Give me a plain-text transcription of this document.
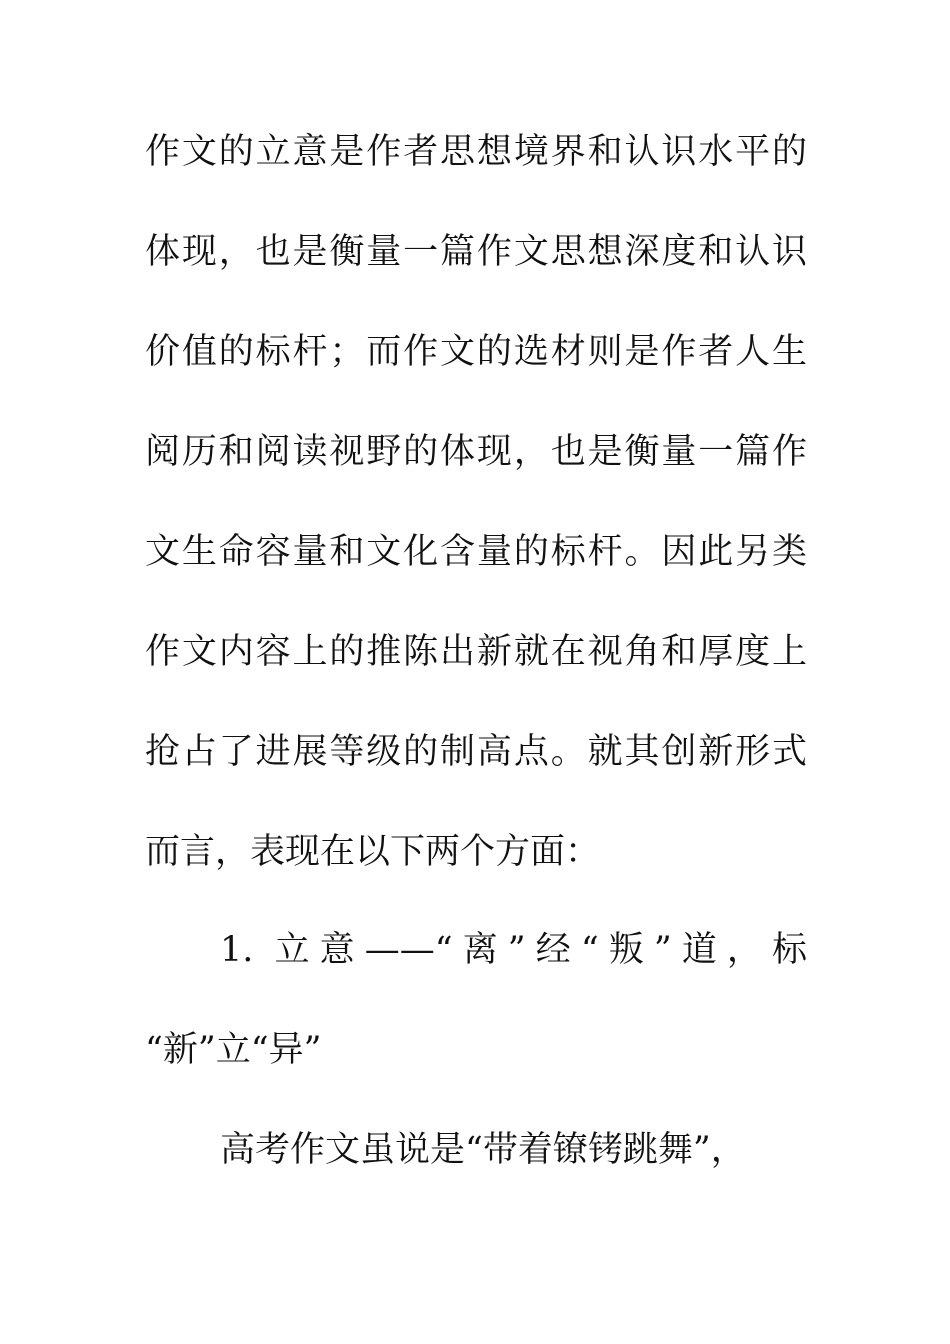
作文的立意是作者思想境界和认识水平的
体现，也是衡量一篇作文思想深度和认识
价值的标杆；而作文的选材则是作者人生
阅历和阅读视野的体现，也是衡量一篇作
文生命容量和文化含量的标杆。因此另类
作文内容上的推陈出新就在视角和厚度上
抢占了进展等级的制高点。就其创新形式
而言，表现在以下两个方面：
1. 立意——“离”经“叛”道，标
“新”立“异”
高考作文虽说是“带着镣铐跳舞”，
